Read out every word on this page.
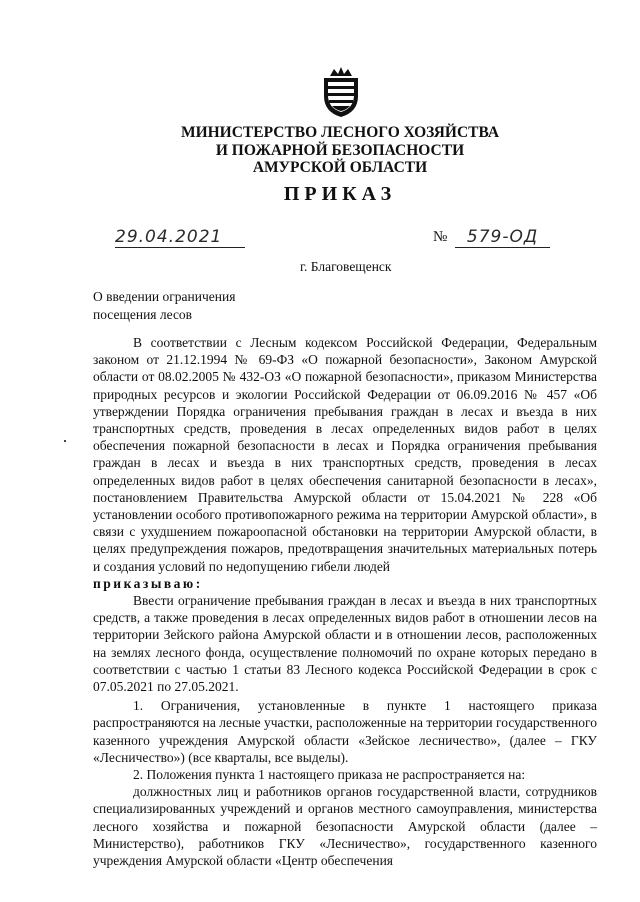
МИНИСТЕРСТВО ЛЕСНОГО ХОЗЯЙСТВА
И ПОЖАРНОЙ БЕЗОПАСНОСТИ
АМУРСКОЙ ОБЛАСТИ
ПРИКАЗ
29.04.2021	№	579-ОД
г. Благовещенск
О введении ограничения
посещения лесов

В соответствии с Лесным кодексом Российской Федерации, Федеральным законом от 21.12.1994 № 69-ФЗ «О пожарной безопасности», Законом Амурской области от 08.02.2005 № 432-ОЗ «О пожарной безопасности», приказом Министерства природных ресурсов и экологии Российской Федерации от 06.09.2016 № 457 «Об утверждении Порядка ограничения пребывания граждан в лесах и въезда в них транспортных средств, проведения в лесах определенных видов работ в целях обеспечения пожарной безопасности в лесах и Порядка ограничения пребывания граждан в лесах и въезда в них транспортных средств, проведения в лесах определенных видов работ в целях обеспечения санитарной безопасности в лесах», постановлением Правительства Амурской области от 15.04.2021 № 228 «Об установлении особого противопожарного режима на территории Амурской области», в связи с ухудшением пожароопасной обстановки на территории Амурской области, в целях предупреждения пожаров, предотвращения значительных материальных потерь и создания условий по недопущению гибели людей

приказываю:

Ввести ограничение пребывания граждан в лесах и въезда в них транспортных средств, а также проведения в лесах определенных видов работ в отношении лесов на территории Зейского района Амурской области и в отношении лесов, расположенных на землях лесного фонда, осуществление полномочий по охране которых передано в соответствии с частью 1 статьи 83 Лесного кодекса Российской Федерации в срок с 07.05.2021 по 27.05.2021.

1. Ограничения, установленные в пункте 1 настоящего приказа распространяются на лесные участки, расположенные на территории государственного казенного учреждения Амурской области «Зейское лесничество», (далее – ГКУ «Лесничество») (все кварталы, все выделы).

2. Положения пункта 1 настоящего приказа не распространяется на:

должностных лиц и работников органов государственной власти, сотрудников специализированных учреждений и органов местного самоуправления, министерства лесного хозяйства и пожарной безопасности Амурской области (далее – Министерство), работников ГКУ «Лесничество», государственного казенного учреждения Амурской области «Центр обеспечения
